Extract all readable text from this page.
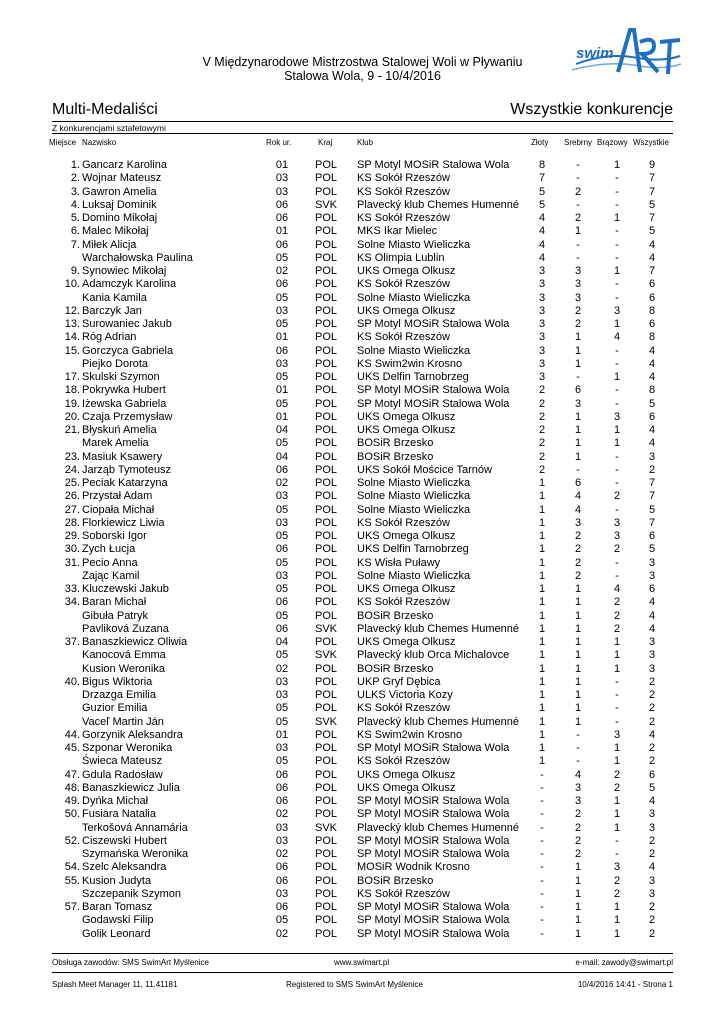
V Międzynarodowe Mistrzostwa Stalowej Woli w Pływaniu
Stalowa Wola, 9 - 10/4/2016
swim
Multi-Medaliści	Wszystkie konkurencje
Z konkurencjami sztafetowymi
Miejsce Nazwisko	Rok ur.	Kraj	Klub	Złoty Srebrny Brązowy Wszystkie
1. Gancarz Karolina	01	POL	SP Motyl MOSiR Stalowa Wola	8	-	1	9
2. Wojnar Mateusz	03	POL	KS Sokół Rzeszów	7	-	-	7
3. Gawron Amelia	03	POL	KS Sokół Rzeszów	5	2	-	7
4. Luksaj Dominik	06	SVK	Plavecký klub Chemes Humenné	5	-	-	5
5. Domino Mikołaj	06	POL	KS Sokół Rzeszów	4	2	1	7
6. Malec Mikołaj	01	POL	MKS Ikar Mielec	4	1	-	5
7. Miłek Alicja	06	POL	Solne Miasto Wieliczka	4	-	-	4
Warchałowska Paulina	05	POL	KS Olimpia Lublin	4	-	-	4
9. Synowiec Mikołaj	02	POL	UKS Omega Olkusz	3	3	1	7
10. Adamczyk Karolina	06	POL	KS Sokół Rzeszów	3	3	-	6
Kania Kamila	05	POL	Solne Miasto Wieliczka	3	3	-	6
12. Barczyk Jan	03	POL	UKS Omega Olkusz	3	2	3	8
13. Surowaniec Jakub	05	POL	SP Motyl MOSiR Stalowa Wola	3	2	1	6
14. Róg Adrian	01	POL	KS Sokół Rzeszów	3	1	4	8
15. Gorczyca Gabriela	06	POL	Solne Miasto Wieliczka	3	1	-	4
Piejko Dorota	03	POL	KS Swim2win Krosno	3	1	-	4
17. Skulski Szymon	05	POL	UKS Delfin Tarnobrzeg	3	-	1	4
18. Pokrywka Hubert	01	POL	SP Motyl MOSiR Stalowa Wola	2	6	-	8
19. Iżewska Gabriela	05	POL	SP Motyl MOSiR Stalowa Wola	2	3	-	5
20. Czaja Przemysław	01	POL	UKS Omega Olkusz	2	1	3	6
21. Błyskuń Amelia	04	POL	UKS Omega Olkusz	2	1	1	4
Marek Amelia	05	POL	BOSiR Brzesko	2	1	1	4
23. Masiuk Ksawery	04	POL	BOSiR Brzesko	2	1	-	3
24. Jarząb Tymoteusz	06	POL	UKS Sokół Mościce Tarnów	2	-	-	2
25. Peciak Katarzyna	02	POL	Solne Miasto Wieliczka	1	6	-	7
26. Przystał Adam	03	POL	Solne Miasto Wieliczka	1	4	2	7
27. Ciopała Michał	05	POL	Solne Miasto Wieliczka	1	4	-	5
28. Florkiewicz Liwia	03	POL	KS Sokół Rzeszów	1	3	3	7
29. Soborski Igor	05	POL	UKS Omega Olkusz	1	2	3	6
30. Zych Łucja	06	POL	UKS Delfin Tarnobrzeg	1	2	2	5
31. Pecio Anna	05	POL	KS Wisła Puławy	1	2	-	3
Zając Kamil	03	POL	Solne Miasto Wieliczka	1	2	-	3
33. Kluczewski Jakub	05	POL	UKS Omega Olkusz	1	1	4	6
34. Baran Michał	06	POL	KS Sokół Rzeszów	1	1	2	4
Gibuła Patryk	05	POL	BOSiR Brzesko	1	1	2	4
Pavliková Zuzana	06	SVK	Plavecký klub Chemes Humenné	1	1	2	4
37. Banaszkiewicz Oliwia	04	POL	UKS Omega Olkusz	1	1	1	3
Kanocová Emma	05	SVK	Plavecký klub Orca Michalovce	1	1	1	3
Kusion Weronika	02	POL	BOSiR Brzesko	1	1	1	3
40. Bigus Wiktoria	03	POL	UKP Gryf Dębica	1	1	-	2
Drzazga Emilia	03	POL	ULKS Victoria Kozy	1	1	-	2
Guzior Emilia	05	POL	KS Sokół Rzeszów	1	1	-	2
Vaceľ Martin Ján	05	SVK	Plavecký klub Chemes Humenné	1	1	-	2
44. Gorzynik Aleksandra	01	POL	KS Swim2win Krosno	1	-	3	4
45. Szponar Weronika	03	POL	SP Motyl MOSiR Stalowa Wola	1	-	1	2
Świeca Mateusz	05	POL	KS Sokół Rzeszów	1	-	1	2
47. Gdula Radosław	06	POL	UKS Omega Olkusz	-	4	2	6
48. Banaszkiewicz Julia	06	POL	UKS Omega Olkusz	-	3	2	5
49. Dyńka Michał	06	POL	SP Motyl MOSiR Stalowa Wola	-	3	1	4
50. Fusiara Natalia	02	POL	SP Motyl MOSiR Stalowa Wola	-	2	1	3
Terkošová Annamária	03	SVK	Plavecký klub Chemes Humenné	-	2	1	3
52. Ciszewski Hubert	03	POL	SP Motyl MOSiR Stalowa Wola	-	2	-	2
Szymańska Weronika	02	POL	SP Motyl MOSiR Stalowa Wola	-	2	-	2
54. Szelc Aleksandra	06	POL	MOSiR Wodnik Krosno	-	1	3	4
55. Kusion Judyta	06	POL	BOSiR Brzesko	-	1	2	3
Szczepanik Szymon	03	POL	KS Sokół Rzeszów	-	1	2	3
57. Baran Tomasz	06	POL	SP Motyl MOSiR Stalowa Wola	-	1	1	2
Godawski Filip	05	POL	SP Motyl MOSiR Stalowa Wola	-	1	1	2
Golik Leonard	02	POL	SP Motyl MOSiR Stalowa Wola	-	1	1	2
Obsługa zawodów: SMS SwimArt Myślenice	www.swimart.pl	e-mail: zawody@swimart.pl
Splash Meet Manager 11, 11.41181	Registered to SMS SwimArt Myślenice	10/4/2016 14:41 - Strona 1
